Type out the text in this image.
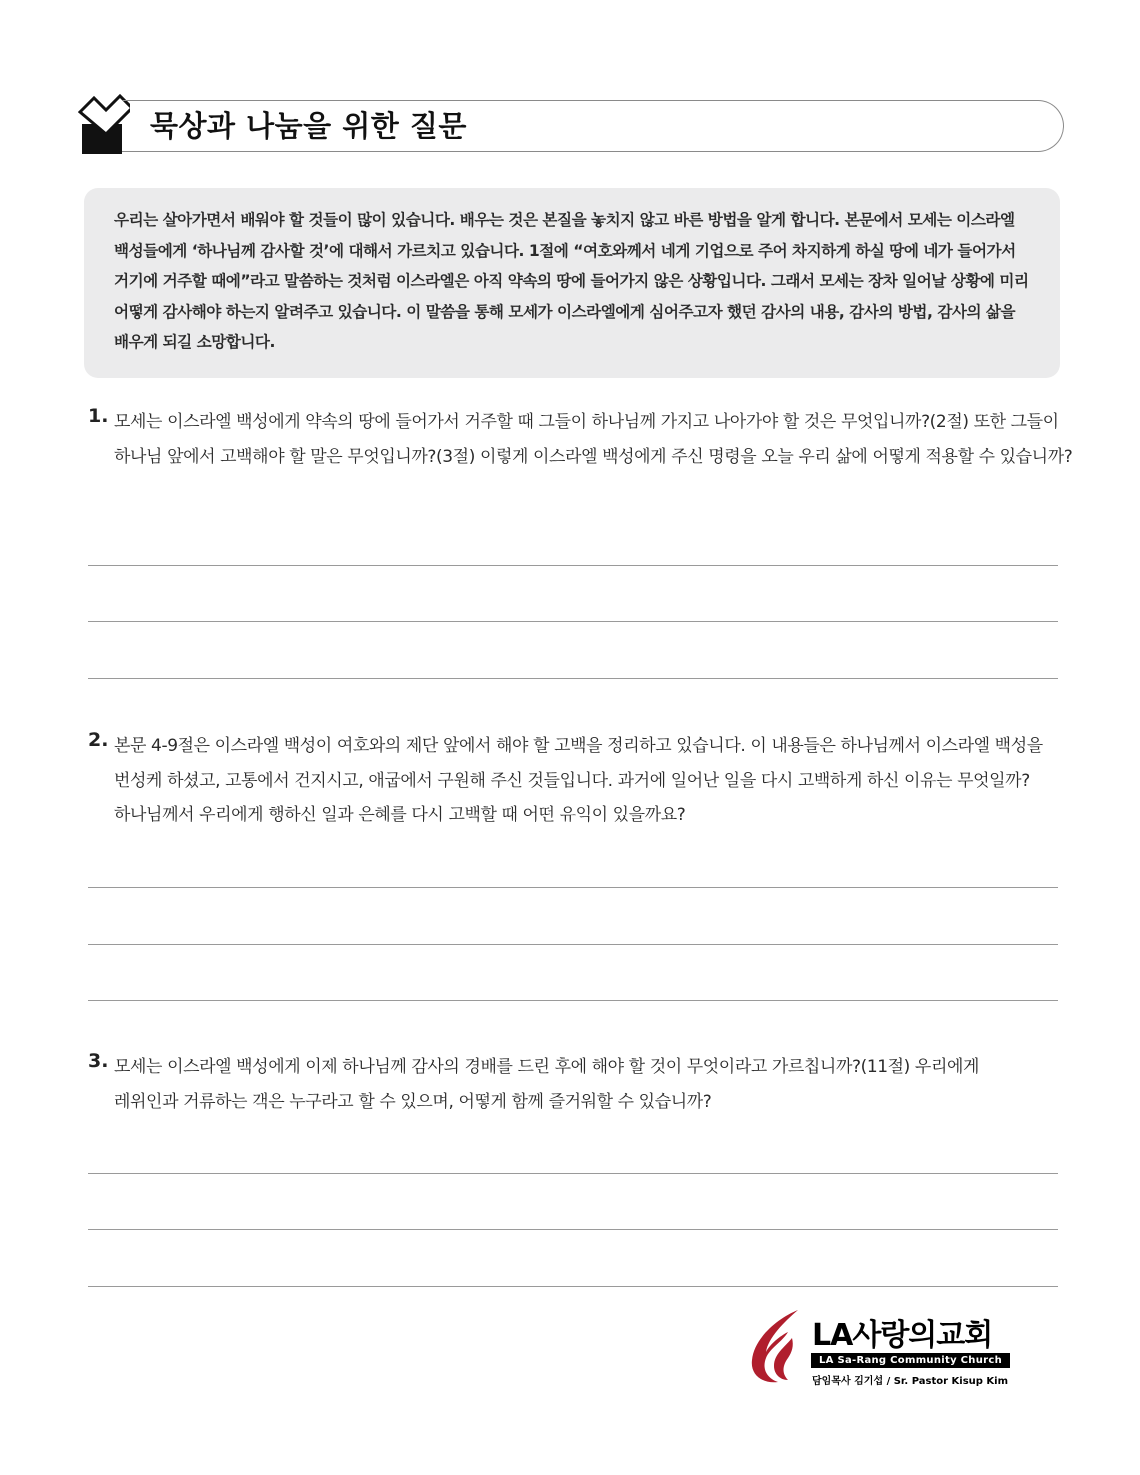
묵상과 나눔을 위한 질문

우리는 살아가면서 배워야 할 것들이 많이 있습니다. 배우는 것은 본질을 놓치지 않고 바른 방법을 알게 합니다. 본문에서 모세는 이스라엘 백성들에게 ‘하나님께 감사할 것’에 대해서 가르치고 있습니다. 1절에 “여호와께서 네게 기업으로 주어 차지하게 하실 땅에 네가 들어가서 거기에 거주할 때에”라고 말씀하는 것처럼 이스라엘은 아직 약속의 땅에 들어가지 않은 상황입니다. 그래서 모세는 장차 일어날 상황에 미리 어떻게 감사해야 하는지 알려주고 있습니다. 이 말씀을 통해 모세가 이스라엘에게 심어주고자 했던 감사의 내용, 감사의 방법, 감사의 삶을 배우게 되길 소망합니다.

1. 모세는 이스라엘 백성에게 약속의 땅에 들어가서 거주할 때 그들이 하나님께 가지고 나아가야 할 것은 무엇입니까?(2절) 또한 그들이 하나님 앞에서 고백해야 할 말은 무엇입니까?(3절) 이렇게 이스라엘 백성에게 주신 명령을 오늘 우리 삶에 어떻게 적용할 수 있습니까?
2. 본문 4-9절은 이스라엘 백성이 여호와의 제단 앞에서 해야 할 고백을 정리하고 있습니다. 이 내용들은 하나님께서 이스라엘 백성을 번성케 하셨고, 고통에서 건지시고, 애굽에서 구원해 주신 것들입니다. 과거에 일어난 일을 다시 고백하게 하신 이유는 무엇일까? 하나님께서 우리에게 행하신 일과 은혜를 다시 고백할 때 어떤 유익이 있을까요?
3. 모세는 이스라엘 백성에게 이제 하나님께 감사의 경배를 드린 후에 해야 할 것이 무엇이라고 가르칩니까?(11절) 우리에게 레위인과 거류하는 객은 누구라고 할 수 있으며, 어떻게 함께 즐거워할 수 있습니까?
LA사랑의교회
LA Sa-Rang Community Church
담임목사 김기섭 / Sr. Pastor Kisup Kim
